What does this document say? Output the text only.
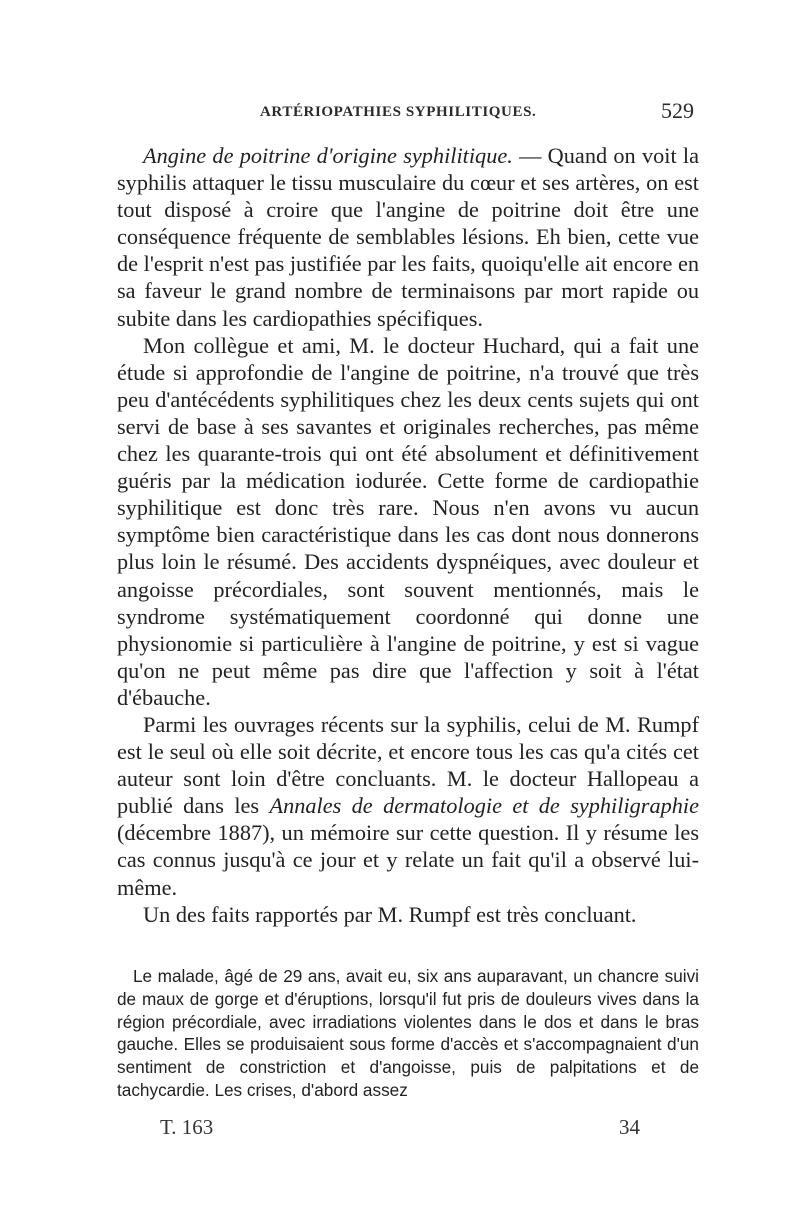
ARTÉRIOPATHIES SYPHILITIQUES.	529

Angine de poitrine d'origine syphilitique. — Quand on voit la syphilis attaquer le tissu musculaire du cœur et ses artères, on est tout disposé à croire que l'angine de poitrine doit être une conséquence fréquente de semblables lésions. Eh bien, cette vue de l'esprit n'est pas justifiée par les faits, quoiqu'elle ait encore en sa faveur le grand nombre de terminaisons par mort rapide ou subite dans les cardiopathies spécifiques.

Mon collègue et ami, M. le docteur Huchard, qui a fait une étude si approfondie de l'angine de poitrine, n'a trouvé que très peu d'antécédents syphilitiques chez les deux cents sujets qui ont servi de base à ses savantes et originales recherches, pas même chez les quarante-trois qui ont été absolument et définitivement guéris par la médication iodurée. Cette forme de cardiopathie syphilitique est donc très rare. Nous n'en avons vu aucun symptôme bien caractéristique dans les cas dont nous donnerons plus loin le résumé. Des accidents dyspnéiques, avec douleur et angoisse précordiales, sont souvent mentionnés, mais le syndrome systématiquement coordonné qui donne une physionomie si particulière à l'angine de poitrine, y est si vague qu'on ne peut même pas dire que l'affection y soit à l'état d'ébauche.

Parmi les ouvrages récents sur la syphilis, celui de M. Rumpf est le seul où elle soit décrite, et encore tous les cas qu'a cités cet auteur sont loin d'être concluants. M. le docteur Hallopeau a publié dans les Annales de dermatologie et de syphiligraphie (décembre 1887), un mémoire sur cette question. Il y résume les cas connus jusqu'à ce jour et y relate un fait qu'il a observé lui-même.

Un des faits rapportés par M. Rumpf est très concluant.

Le malade, âgé de 29 ans, avait eu, six ans auparavant, un chancre suivi de maux de gorge et d'éruptions, lorsqu'il fut pris de douleurs vives dans la région précordiale, avec irradiations violentes dans le dos et dans le bras gauche. Elles se produisaient sous forme d'accès et s'accompagnaient d'un sentiment de constriction et d'angoisse, puis de palpitations et de tachycardie. Les crises, d'abord assez

T. 163	34
